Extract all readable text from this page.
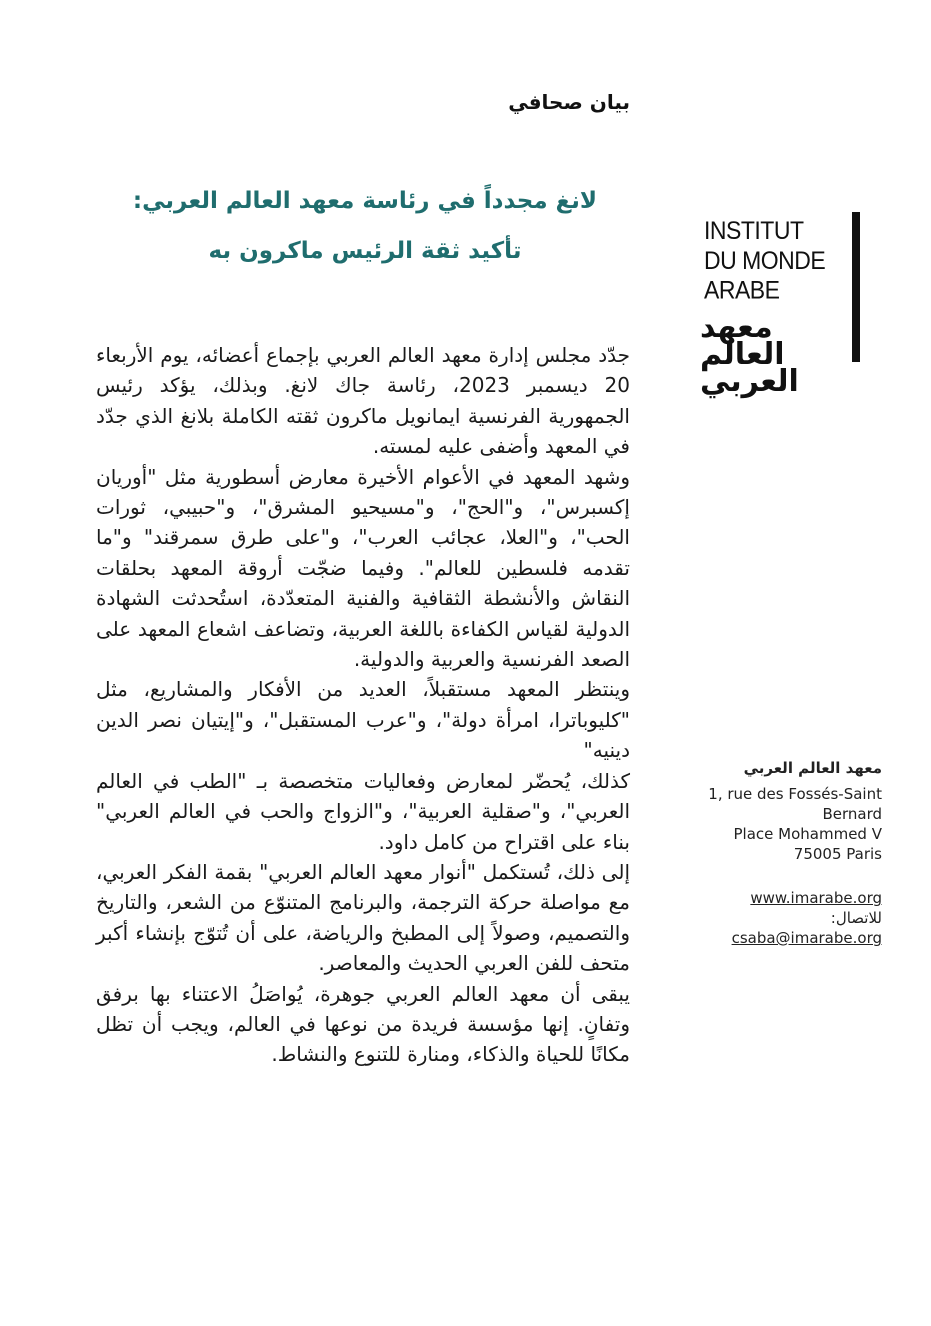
بيان صحافي
لانغ مجدداً في رئاسة معهد العالم العربي:
تأكيد ثقة الرئيس ماكرون به

جدّد مجلس إدارة معهد العالم العربي بإجماع أعضائه، يوم الأربعاء 20 ديسمبر 2023، رئاسة جاك لانغ. وبذلك، يؤكد رئيس الجمهورية الفرنسية ايمانويل ماكرون ثقته الكاملة بلانغ الذي جدّد في المعهد وأضفى عليه لمسته.

وشهد المعهد في الأعوام الأخيرة معارض أسطورية مثل "أوريان إكسبرس"، و"الحج"، و"مسيحيو المشرق"، و"حبيبي، ثورات الحب"، و"العلا، عجائب العرب"، و"على طرق سمرقند" و"ما تقدمه فلسطين للعالم". وفيما ضجّت أروقة المعهد بحلقات النقاش والأنشطة الثقافية والفنية المتعدّدة، استُحدثت الشهادة الدولية لقياس الكفاءة باللغة العربية، وتضاعف اشعاع المعهد على الصعد الفرنسية والعربية والدولية.

وينتظر المعهد مستقبلاً، العديد من الأفكار والمشاريع، مثل "كليوباترا، امرأة دولة"، و"عرب المستقبل"، و"إيتيان نصر الدين دينيه"

كذلك، يُحضّر لمعارض وفعاليات متخصصة بـ "الطب في العالم العربي"، و"صقلية العربية"، و"الزواج والحب في العالم العربي" بناء على اقتراح من كامل داود.

إلى ذلك، تُستكمل "أنوار معهد العالم العربي" بقمة الفكر العربي، مع مواصلة حركة الترجمة، والبرنامج المتنوّع من الشعر، والتاريخ والتصميم، وصولاً إلى المطبخ والرياضة، على أن تُتوّج بإنشاء أكبر متحف للفن العربي الحديث والمعاصر.

يبقى أن معهد العالم العربي جوهرة، يُواصَلُ الاعتناء بها برفق وتفانٍ. إنها مؤسسة فريدة من نوعها في العالم، ويجب أن تظل مكانًا للحياة والذكاء، ومنارة للتنوع والنشاط.

INSTITUT
DU MONDE
ARABE
معهد العالم العربي
معهد العالم العربي
1, rue des Fossés-Saint
Bernard
Place Mohammed V
75005 Paris
www.imarabe.org
للاتصال:
csaba@imarabe.org
